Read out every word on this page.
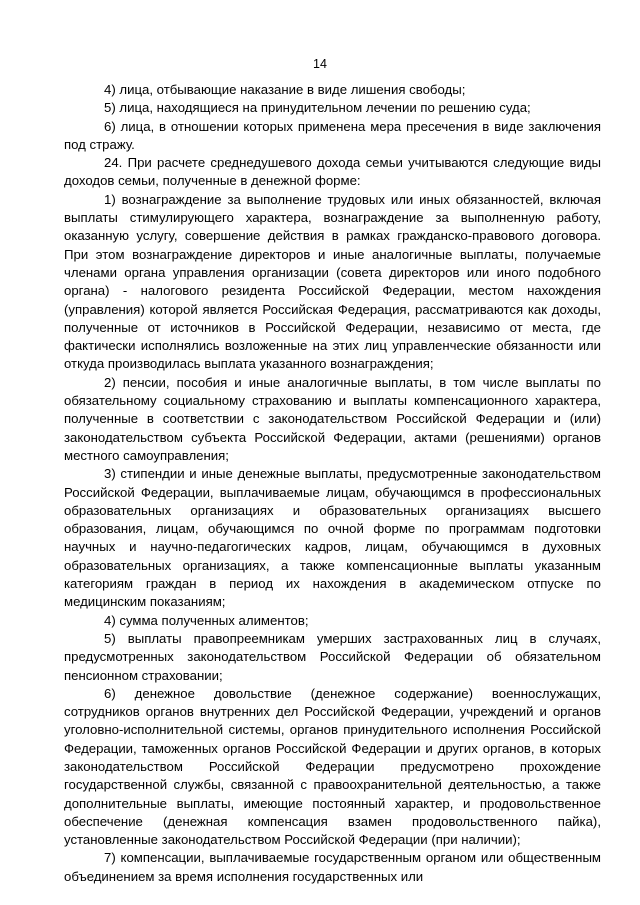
14

4) лица, отбывающие наказание в виде лишения свободы;

5) лица, находящиеся на принудительном лечении по решению суда;

6) лица, в отношении которых применена мера пресечения в виде заключения под стражу.

24. При расчете среднедушевого дохода семьи учитываются следующие виды доходов семьи, полученные в денежной форме:

1) вознаграждение за выполнение трудовых или иных обязанностей, включая выплаты стимулирующего характера, вознаграждение за выполненную работу, оказанную услугу, совершение действия в рамках гражданско-правового договора. При этом вознаграждение директоров и иные аналогичные выплаты, получаемые членами органа управления организации (совета директоров или иного подобного органа) - налогового резидента Российской Федерации, местом нахождения (управления) которой является Российская Федерация, рассматриваются как доходы, полученные от источников в Российской Федерации, независимо от места, где фактически исполнялись возложенные на этих лиц управленческие обязанности или откуда производилась выплата указанного вознаграждения;

2) пенсии, пособия и иные аналогичные выплаты, в том числе выплаты по обязательному социальному страхованию и выплаты компенсационного характера, полученные в соответствии с законодательством Российской Федерации и (или) законодательством субъекта Российской Федерации, актами (решениями) органов местного самоуправления;

3) стипендии и иные денежные выплаты, предусмотренные законодательством Российской Федерации, выплачиваемые лицам, обучающимся в профессиональных образовательных организациях и образовательных организациях высшего образования, лицам, обучающимся по очной форме по программам подготовки научных и научно-педагогических кадров, лицам, обучающимся в духовных образовательных организациях, а также компенсационные выплаты указанным категориям граждан в период их нахождения в академическом отпуске по медицинским показаниям;

4) сумма полученных алиментов;

5) выплаты правопреемникам умерших застрахованных лиц в случаях, предусмотренных законодательством Российской Федерации об обязательном пенсионном страховании;

6) денежное довольствие (денежное содержание) военнослужащих, сотрудников органов внутренних дел Российской Федерации, учреждений и органов уголовно-исполнительной системы, органов принудительного исполнения Российской Федерации, таможенных органов Российской Федерации и других органов, в которых законодательством Российской Федерации предусмотрено прохождение государственной службы, связанной с правоохранительной деятельностью, а также дополнительные выплаты, имеющие постоянный характер, и продовольственное обеспечение (денежная компенсация взамен продовольственного пайка), установленные законодательством Российской Федерации (при наличии);

7) компенсации, выплачиваемые государственным органом или общественным объединением за время исполнения государственных или
